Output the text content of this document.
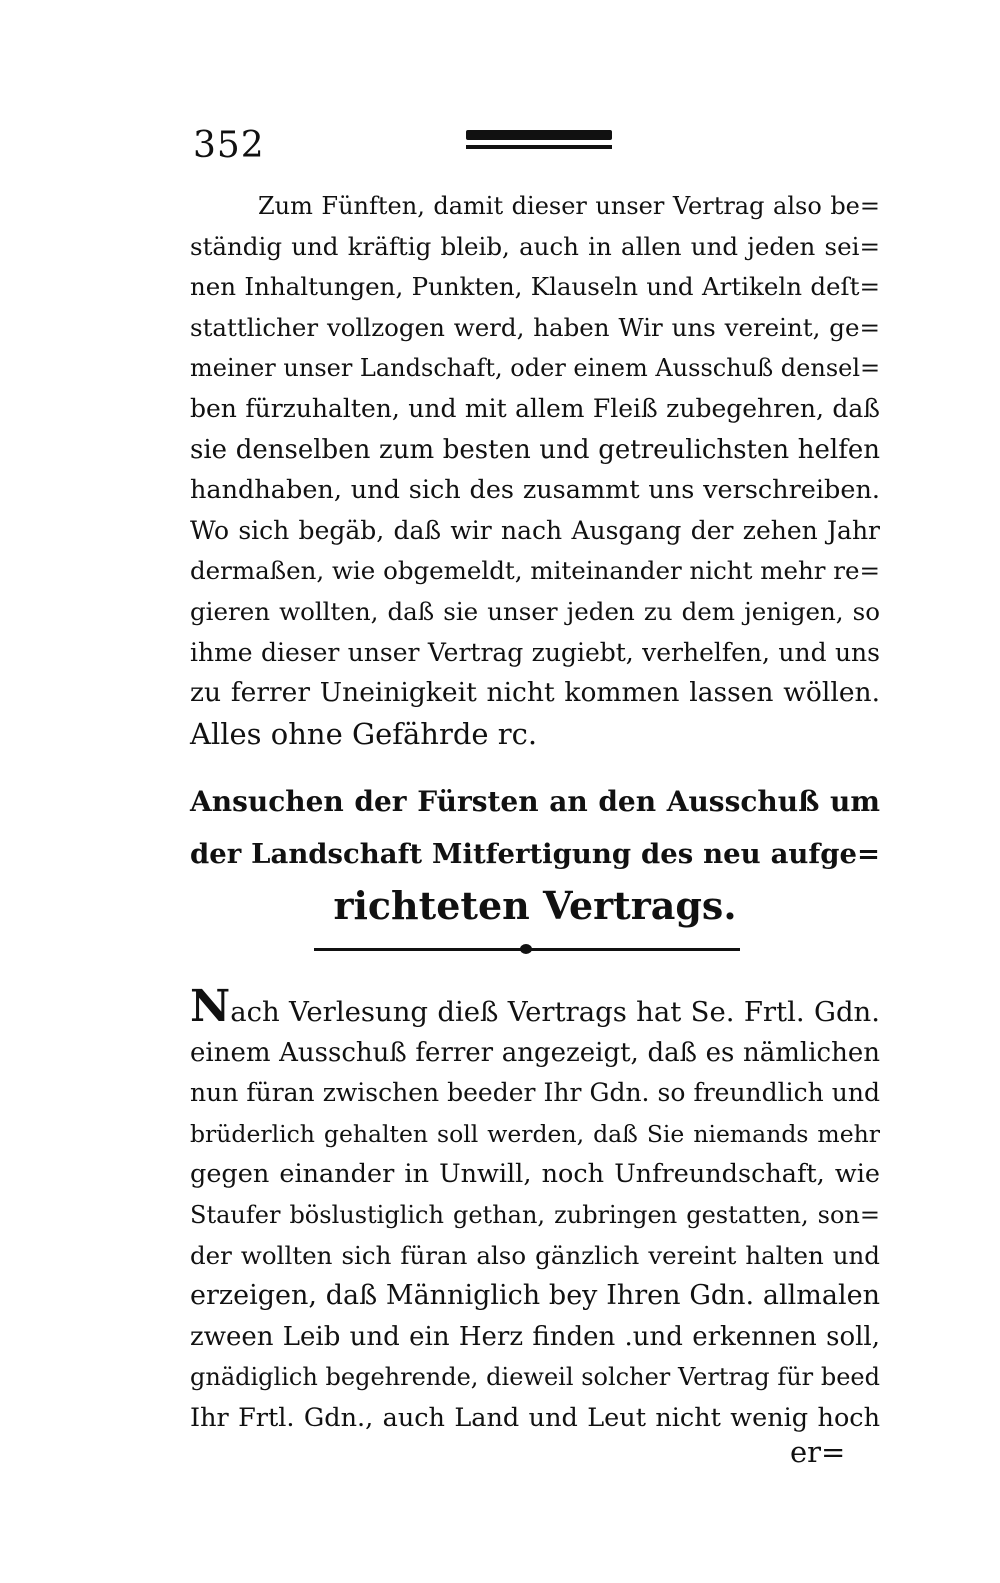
352
Zum Fünften, damit dieser unser Vertrag also be=
ständig und kräftig bleib, auch in allen und jeden sei=
nen Inhaltungen, Punkten, Klauseln und Artikeln deſt=
stattlicher vollzogen werd, haben Wir uns vereint, ge=
meiner unser Landschaft, oder einem Ausschuß densel=
ben fürzuhalten, und mit allem Fleiß zubegehren, daß
sie denselben zum besten und getreulichsten helfen
handhaben, und sich des zusammt uns verschreiben.
Wo sich begäb, daß wir nach Ausgang der zehen Jahr
dermaßen, wie obgemeldt, miteinander nicht mehr re=
gieren wollten, daß sie unser jeden zu dem jenigen, so
ihme dieser unser Vertrag zugiebt, verhelfen, und uns
zu ferrer Uneinigkeit nicht kommen lassen wöllen.
Alles ohne Gefährde rc.
Ansuchen der Fürsten an den Ausschuß um
der Landschaft Mitfertigung des neu aufge=
richteten Vertrags.
Nach Verlesung dieß Vertrags hat Se. Frtl. Gdn.
einem Ausschuß ferrer angezeigt, daß es nämlichen
nun füran zwischen beeder Ihr Gdn. so freundlich und
brüderlich gehalten soll werden, daß Sie niemands mehr
gegen einander in Unwill, noch Unfreundschaft, wie
Staufer böslustiglich gethan, zubringen gestatten, son=
der wollten sich füran also gänzlich vereint halten und
erzeigen, daß Männiglich bey Ihren Gdn. allmalen
zween Leib und ein Herz finden .und erkennen soll,
gnädiglich begehrende, dieweil solcher Vertrag für beed
Ihr Frtl. Gdn., auch Land und Leut nicht wenig hoch
er=
